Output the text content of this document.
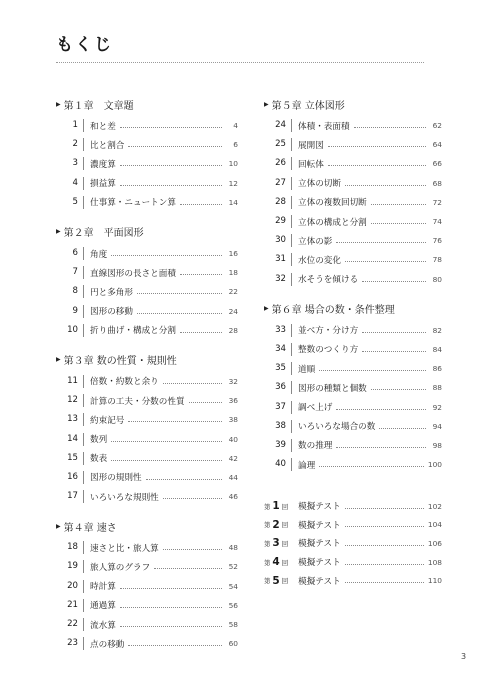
もくじ
▶ 第１章　文章題
1	和と差	4
2	比と割合	6
3	濃度算	10
4	損益算	12
5	仕事算・ニュートン算	14
▶ 第２章　平面図形
6	角度	16
7	直線図形の長さと面積	18
8	円と多角形	22
9	図形の移動	24
10	折り曲げ・構成と分割	28
▶ 第３章 数の性質・規則性
11	倍数・約数と余り	32
12	計算の工夫・分数の性質	36
13	約束記号	38
14	数列	40
15	数表	42
16	図形の規則性	44
17	いろいろな規則性	46
▶ 第４章 速さ
18	速さと比・旅人算	48
19	旅人算のグラフ	52
20	時計算	54
21	通過算	56
22	流水算	58
23	点の移動	60
▶ 第５章 立体図形
24	体積・表面積	62
25	展開図	64
26	回転体	66
27	立体の切断	68
28	立体の複数回切断	72
29	立体の構成と分割	74
30	立体の影	76
31	水位の変化	78
32	水そうを傾ける	80
▶ 第６章 場合の数・条件整理
33	並べ方・分け方	82
34	整数のつくり方	84
35	道順	86
36	図形の種類と個数	88
37	調べ上げ	92
38	いろいろな場合の数	94
39	数の推理	98
40	論理	100
第 1 回	模擬テスト	102
第 2 回	模擬テスト	104
第 3 回	模擬テスト	106
第 4 回	模擬テスト	108
第 5 回	模擬テスト	110
3
